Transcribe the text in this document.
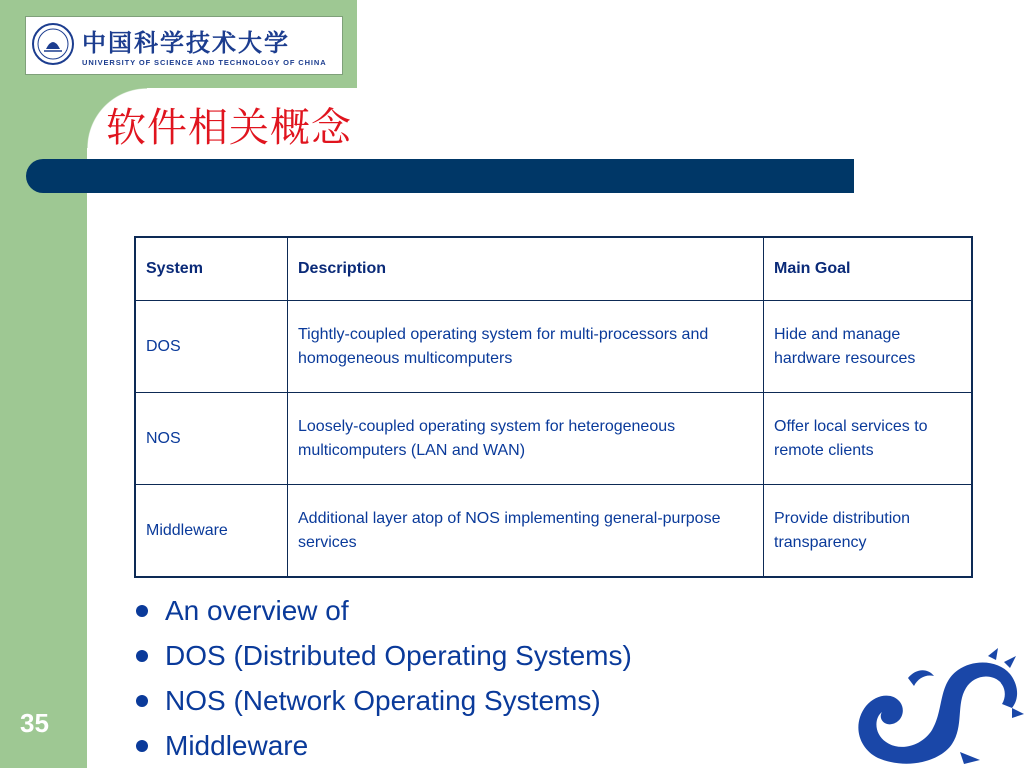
中国科学技术大学
UNIVERSITY OF SCIENCE AND TECHNOLOGY OF CHINA
软件相关概念
System	Description	Main Goal
DOS	Tightly-coupled operating system for multi-processors and homogeneous multicomputers	Hide and manage hardware resources
NOS	Loosely-coupled operating system for heterogeneous multicomputers (LAN and WAN)	Offer local services to remote clients
Middleware	Additional layer atop of NOS implementing general-purpose services	Provide distribution transparency
An overview of
DOS (Distributed Operating Systems)
NOS (Network Operating Systems)
Middleware
35
